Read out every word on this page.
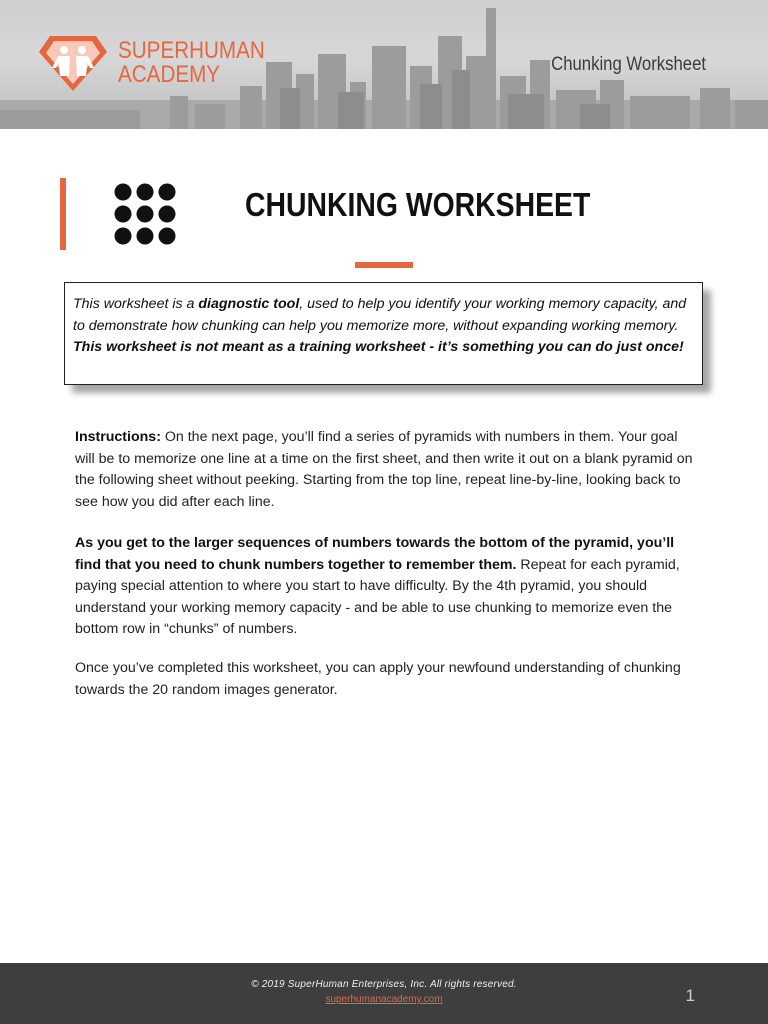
SUPERHUMAN
ACADEMY	Chunking Worksheet
CHUNKING WORKSHEET
This worksheet is a diagnostic tool, used to help you identify your working memory capacity, and to demonstrate how chunking can help you memorize more, without expanding working memory. This worksheet is not meant as a training worksheet - it’s something you can do just once!
Instructions: On the next page, you’ll find a series of pyramids with numbers in them. Your goal will be to memorize one line at a time on the first sheet, and then write it out on a blank pyramid on the following sheet without peeking. Starting from the top line, repeat line-by-line, looking back to see how you did after each line.
As you get to the larger sequences of numbers towards the bottom of the pyramid, you’ll find that you need to chunk numbers together to remember them. Repeat for each pyramid, paying special attention to where you start to have difficulty. By the 4th pyramid, you should understand your working memory capacity - and be able to use chunking to memorize even the bottom row in “chunks” of numbers.
Once you’ve completed this worksheet, you can apply your newfound understanding of chunking towards the 20 random images generator.
© 2019 SuperHuman Enterprises, Inc. All rights reserved.
superhumanacademy.com	1
